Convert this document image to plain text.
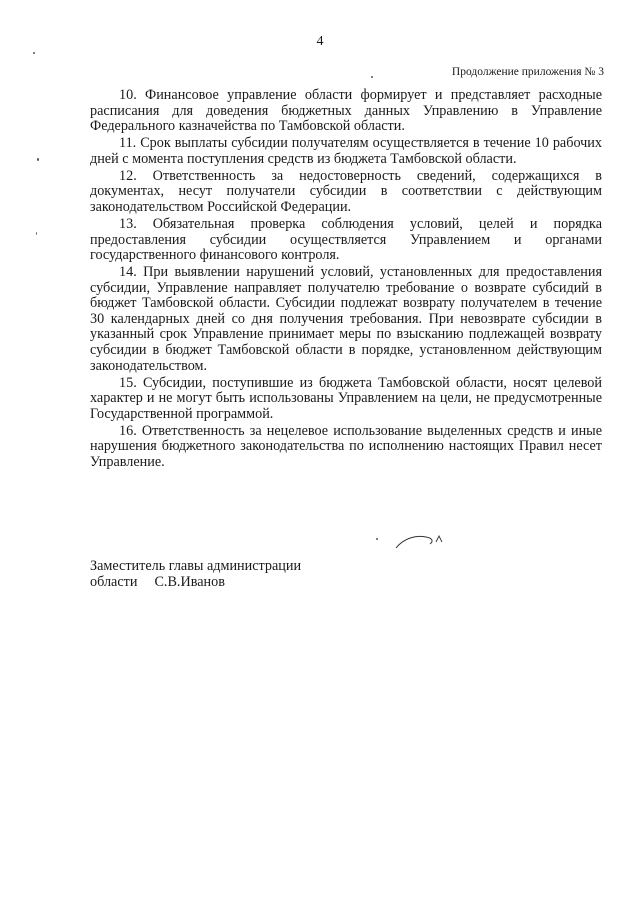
4
Продолжение приложения № 3

10. Финансовое управление области формирует и представляет расходные расписания для доведения бюджетных данных Управлению в Управление Федерального казначейства по Тамбовской области.

11. Срок выплаты субсидии получателям осуществляется в течение 10 рабочих дней с момента поступления средств из бюджета Тамбовской области.

12. Ответственность за недостоверность сведений, содержащихся в документах, несут получатели субсидии в соответствии с действующим законодательством Российской Федерации.

13. Обязательная проверка соблюдения условий, целей и порядка предоставления субсидии осуществляется Управлением и органами государственного финансового контроля.

14. При выявлении нарушений условий, установленных для предоставления субсидии, Управление направляет получателю требование о возврате субсидий в бюджет Тамбовской области. Субсидии подлежат возврату получателем в течение 30 календарных дней со дня получения требования. При невозврате субсидии в указанный срок Управление принимает меры по взысканию подлежащей возврату субсидии в бюджет Тамбовской области в порядке, установленном действующим законодательством.

15. Субсидии, поступившие из бюджета Тамбовской области, носят целевой характер и не могут быть использованы Управлением на цели, не предусмотренные Государственной программой.

16. Ответственность за нецелевое использование выделенных средств и иные нарушения бюджетного законодательства по исполнению настоящих Правил несет Управление.

Заместитель главы администрации
области С.В.Иванов
